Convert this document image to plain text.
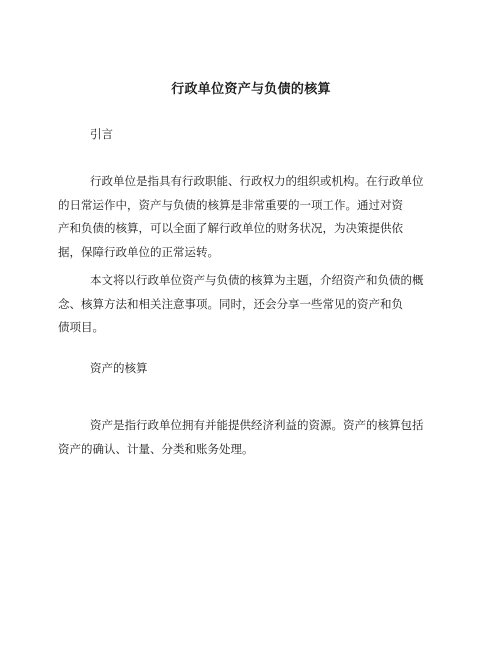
行政单位资产与负债的核算
引言
行政单位是指具有行政职能、行政权力的组织或机构。在行政单位
的日常运作中，资产与负债的核算是非常重要的一项工作。通过对资
产和负债的核算，可以全面了解行政单位的财务状况，为决策提供依
据，保障行政单位的正常运转。
本文将以行政单位资产与负债的核算为主题，介绍资产和负债的概
念、核算方法和相关注意事项。同时，还会分享一些常见的资产和负
债项目。
资产的核算
资产是指行政单位拥有并能提供经济利益的资源。资产的核算包括
资产的确认、计量、分类和账务处理。
